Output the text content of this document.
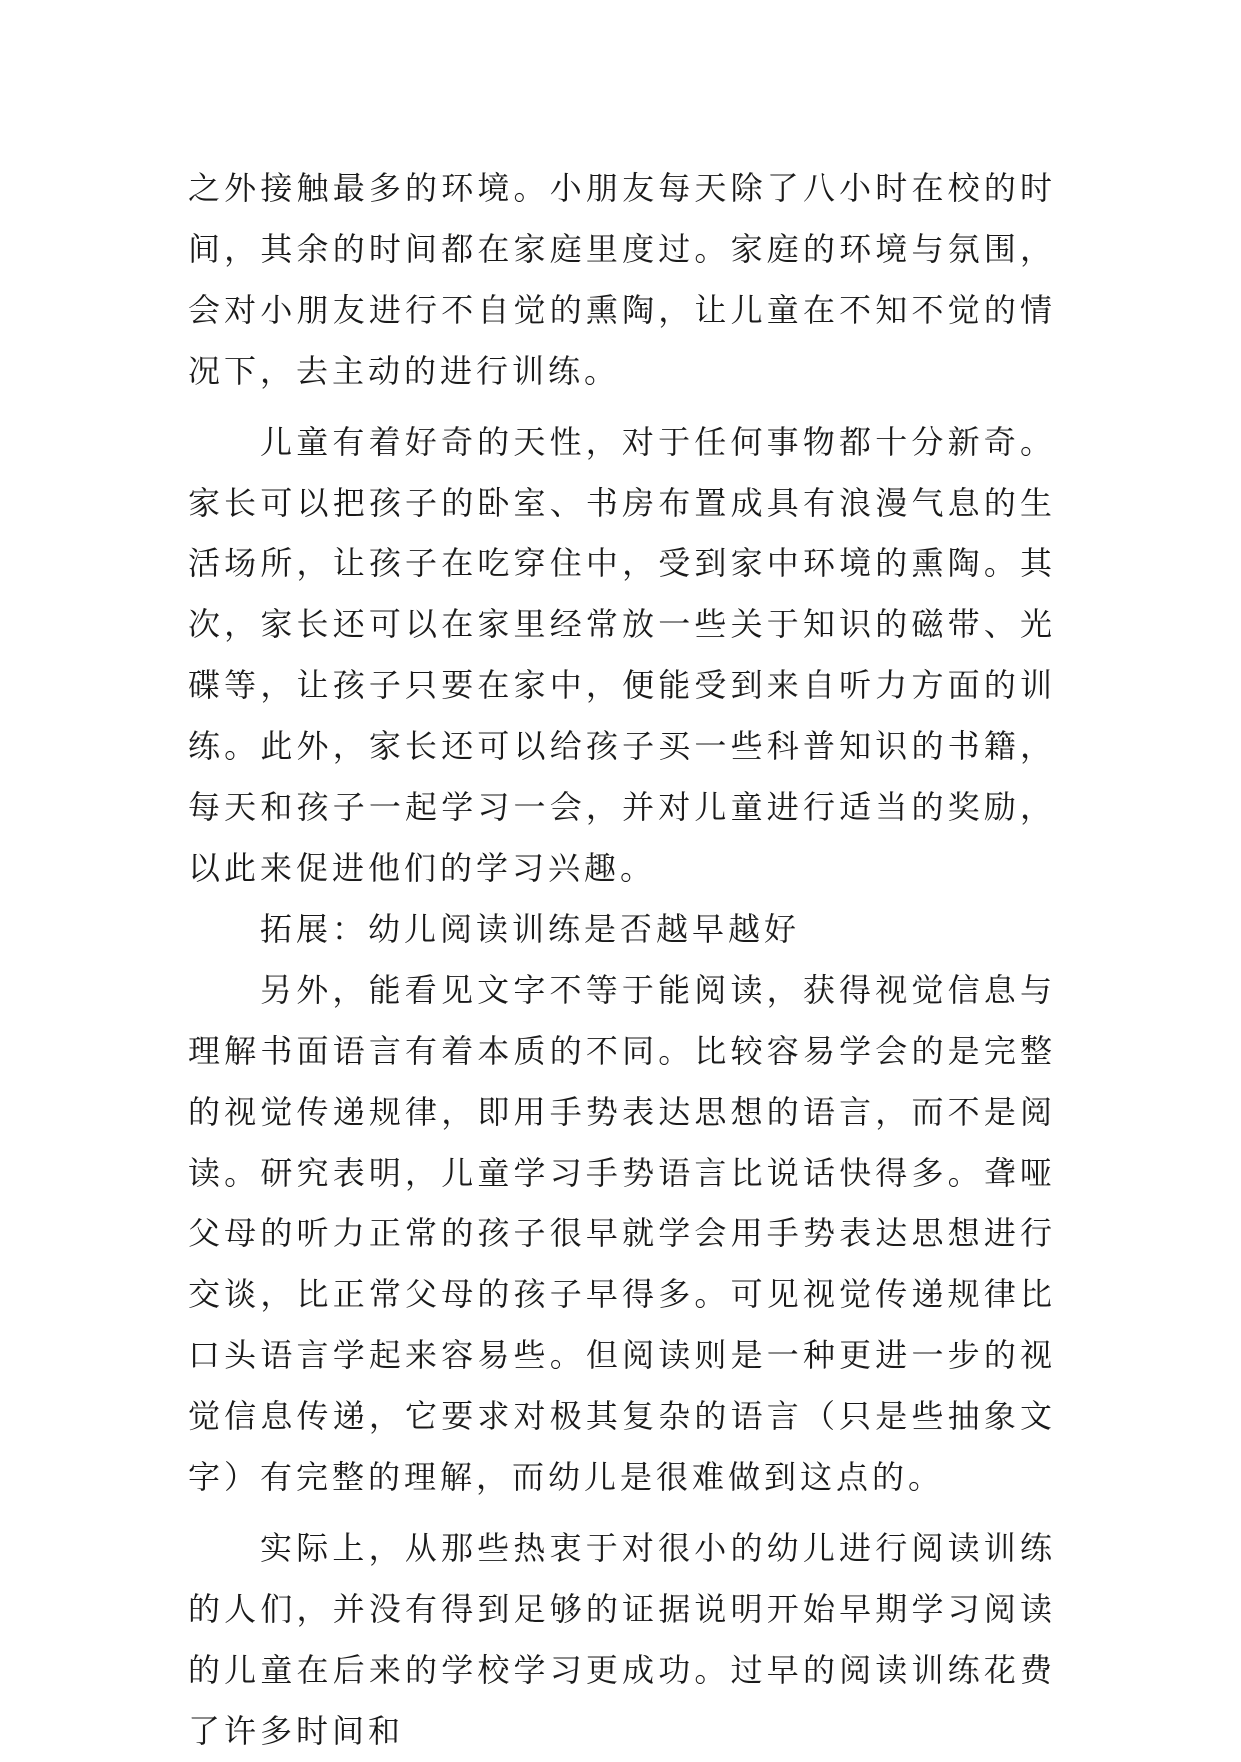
之外接触最多的环境。小朋友每天除了八小时在校的时间，其余的时间都在家庭里度过。家庭的环境与氛围，会对小朋友进行不自觉的熏陶，让儿童在不知不觉的情况下，去主动的进行训练。

儿童有着好奇的天性，对于任何事物都十分新奇。家长可以把孩子的卧室、书房布置成具有浪漫气息的生活场所，让孩子在吃穿住中，受到家中环境的熏陶。其次，家长还可以在家里经常放一些关于知识的磁带、光碟等，让孩子只要在家中，便能受到来自听力方面的训练。此外，家长还可以给孩子买一些科普知识的书籍，每天和孩子一起学习一会，并对儿童进行适当的奖励，以此来促进他们的学习兴趣。

拓展：幼儿阅读训练是否越早越好

另外，能看见文字不等于能阅读，获得视觉信息与理解书面语言有着本质的不同。比较容易学会的是完整的视觉传递规律，即用手势表达思想的语言，而不是阅读。研究表明，儿童学习手势语言比说话快得多。聋哑父母的听力正常的孩子很早就学会用手势表达思想进行交谈，比正常父母的孩子早得多。可见视觉传递规律比口头语言学起来容易些。但阅读则是一种更进一步的视觉信息传递，它要求对极其复杂的语言（只是些抽象文字）有完整的理解，而幼儿是很难做到这点的。

实际上，从那些热衷于对很小的幼儿进行阅读训练的人们，并没有得到足够的证据说明开始早期学习阅读的儿童在后来的学校学习更成功。过早的阅读训练花费了许多时间和
